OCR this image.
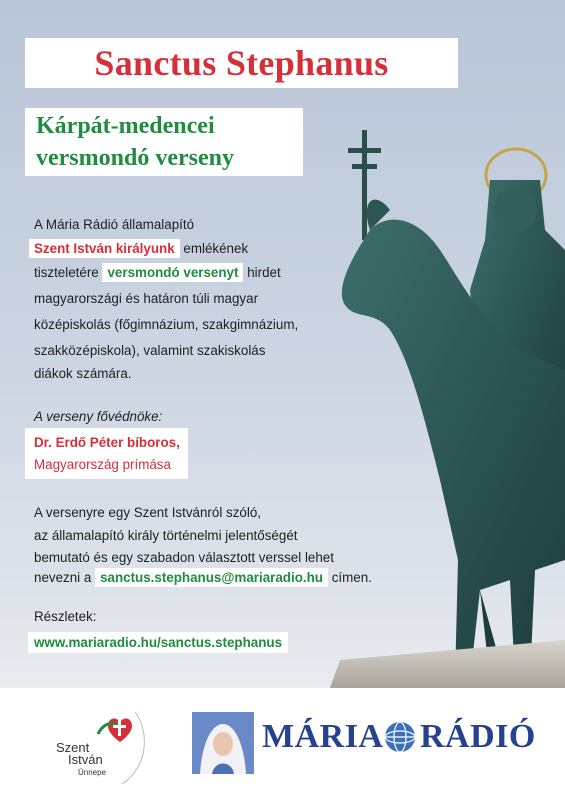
Sanctus Stephanus
Kárpát-medencei
versmondó verseny
A Mária Rádió államalapító
Szent István királyunk emlékének
tiszteletére versmondó versenyt hirdet
magyarországi és határon túli magyar
középiskolás (főgimnázium, szakgimnázium,
szakközépiskola), valamint szakiskolás
diákok számára.
A verseny fővédnöke:
Dr. Erdő Péter bíboros,
Magyarország prímása
A versenyre egy Szent Istvánról szóló,
az államalapító király történelmi jelentőségét
bemutató és egy szabadon választott verssel lehet
nevezni a sanctus.stephanus@mariaradio.hu címen.
Részletek:
www.mariaradio.hu/sanctus.stephanus
Szent
István
Ünnepe
MÁRIA RÁDIÓ
